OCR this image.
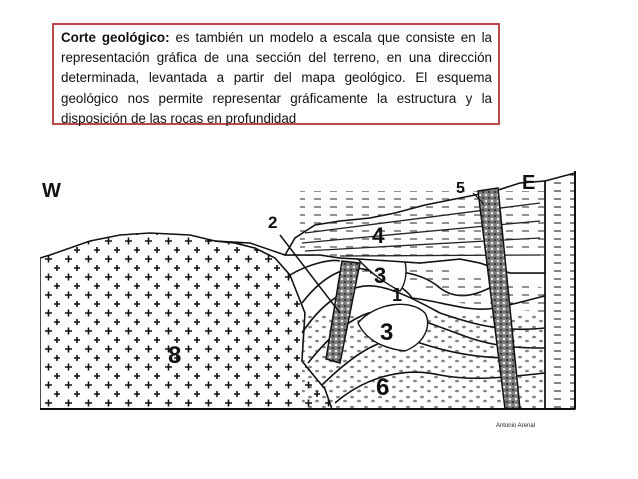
Corte geológico: es también un modelo a escala que consiste en la representación gráfica de una sección del terreno, en una dirección determinada, levantada a partir del mapa geológico. El esquema geológico nos permite representar gráficamente la estructura y la disposición de las rocas en profundidad
W	E
2
4
5
3
1
3
6
8
Antonio Arenal
